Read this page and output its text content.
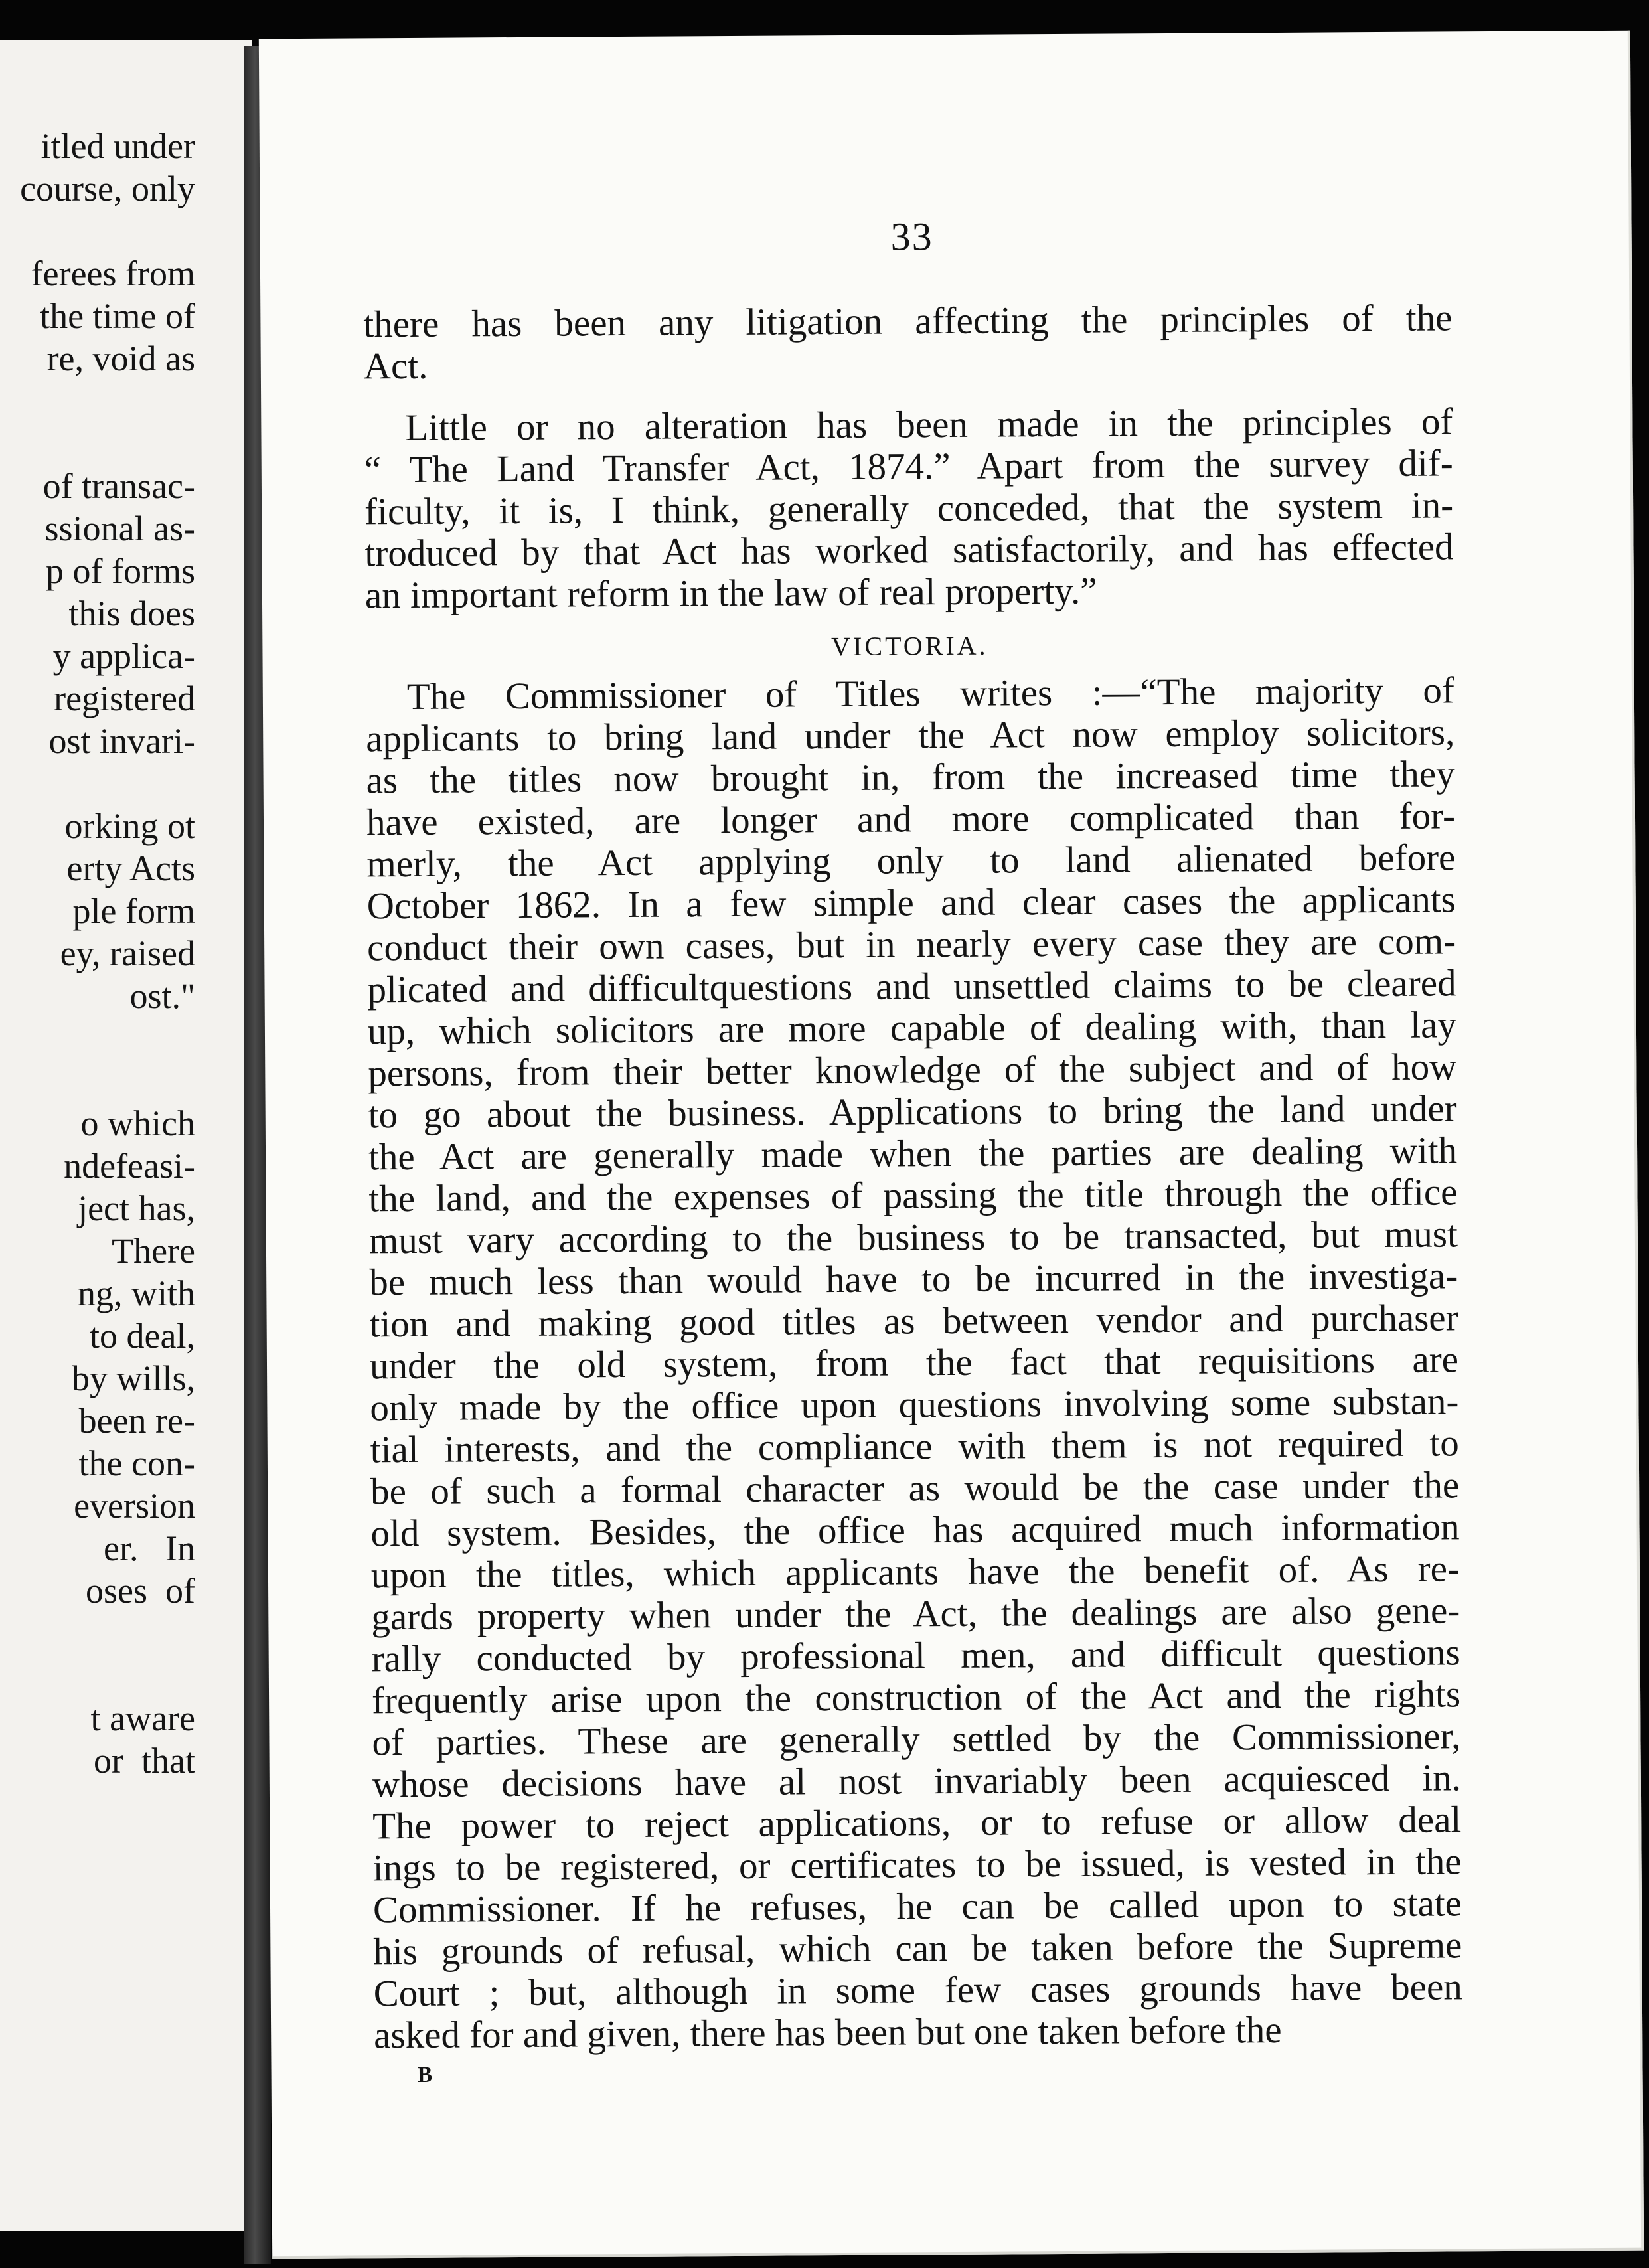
itled under
course, only
ferees from
the time of
re, void as
of transac-
ssional as-
p of forms
this does
y applica-
registered
ost invari-
orking ot
erty Acts
ple form
ey, raised
ost."
o which
ndefeasi-
ject has,
There
ng, with
to deal,
by wills,
been re-
the con-
eversion
er.   In
oses  of
t aware
or  that
33
there has been any litigation affecting the principles of the
Act.
Little or no alteration has been made in the principles of
“ The Land Transfer Act, 1874.” Apart from the survey dif-
ficulty, it is, I think, generally conceded, that the system in-
troduced by that Act has worked satisfactorily, and has effected
an important reform in the law of real property.”
VICTORIA.
The Commissioner of Titles writes :—“The majority of
applicants to bring land under the Act now employ solicitors,
as the titles now brought in, from the increased time they
have existed, are longer and more complicated than for-
merly, the Act applying only to land alienated before
October 1862. In a few simple and clear cases the applicants
conduct their own cases, but in nearly every case they are com-
plicated and difficultquestions and unsettled claims to be cleared
up, which solicitors are more capable of dealing with, than lay
persons, from their better knowledge of the subject and of how
to go about the business. Applications to bring the land under
the Act are generally made when the parties are dealing with
the land, and the expenses of passing the title through the office
must vary according to the business to be transacted, but must
be much less than would have to be incurred in the investiga-
tion and making good titles as between vendor and purchaser
under the old system, from the fact that requisitions are
only made by the office upon questions involving some substan-
tial interests, and the compliance with them is not required to
be of such a formal character as would be the case under the
old system. Besides, the office has acquired much information
upon the titles, which applicants have the benefit of. As re-
gards property when under the Act, the dealings are also gene-
rally conducted by professional men, and difficult questions
frequently arise upon the construction of the Act and the rights
of parties. These are generally settled by the Commissioner,
whose decisions have al nost invariably been acquiesced in.
The power to reject applications, or to refuse or allow deal
ings to be registered, or certificates to be issued, is vested in the
Commissioner. If he refuses, he can be called upon to state
his grounds of refusal, which can be taken before the Supreme
Court ; but, although in some few cases grounds have been
asked for and given, there has been but one taken before the
B
